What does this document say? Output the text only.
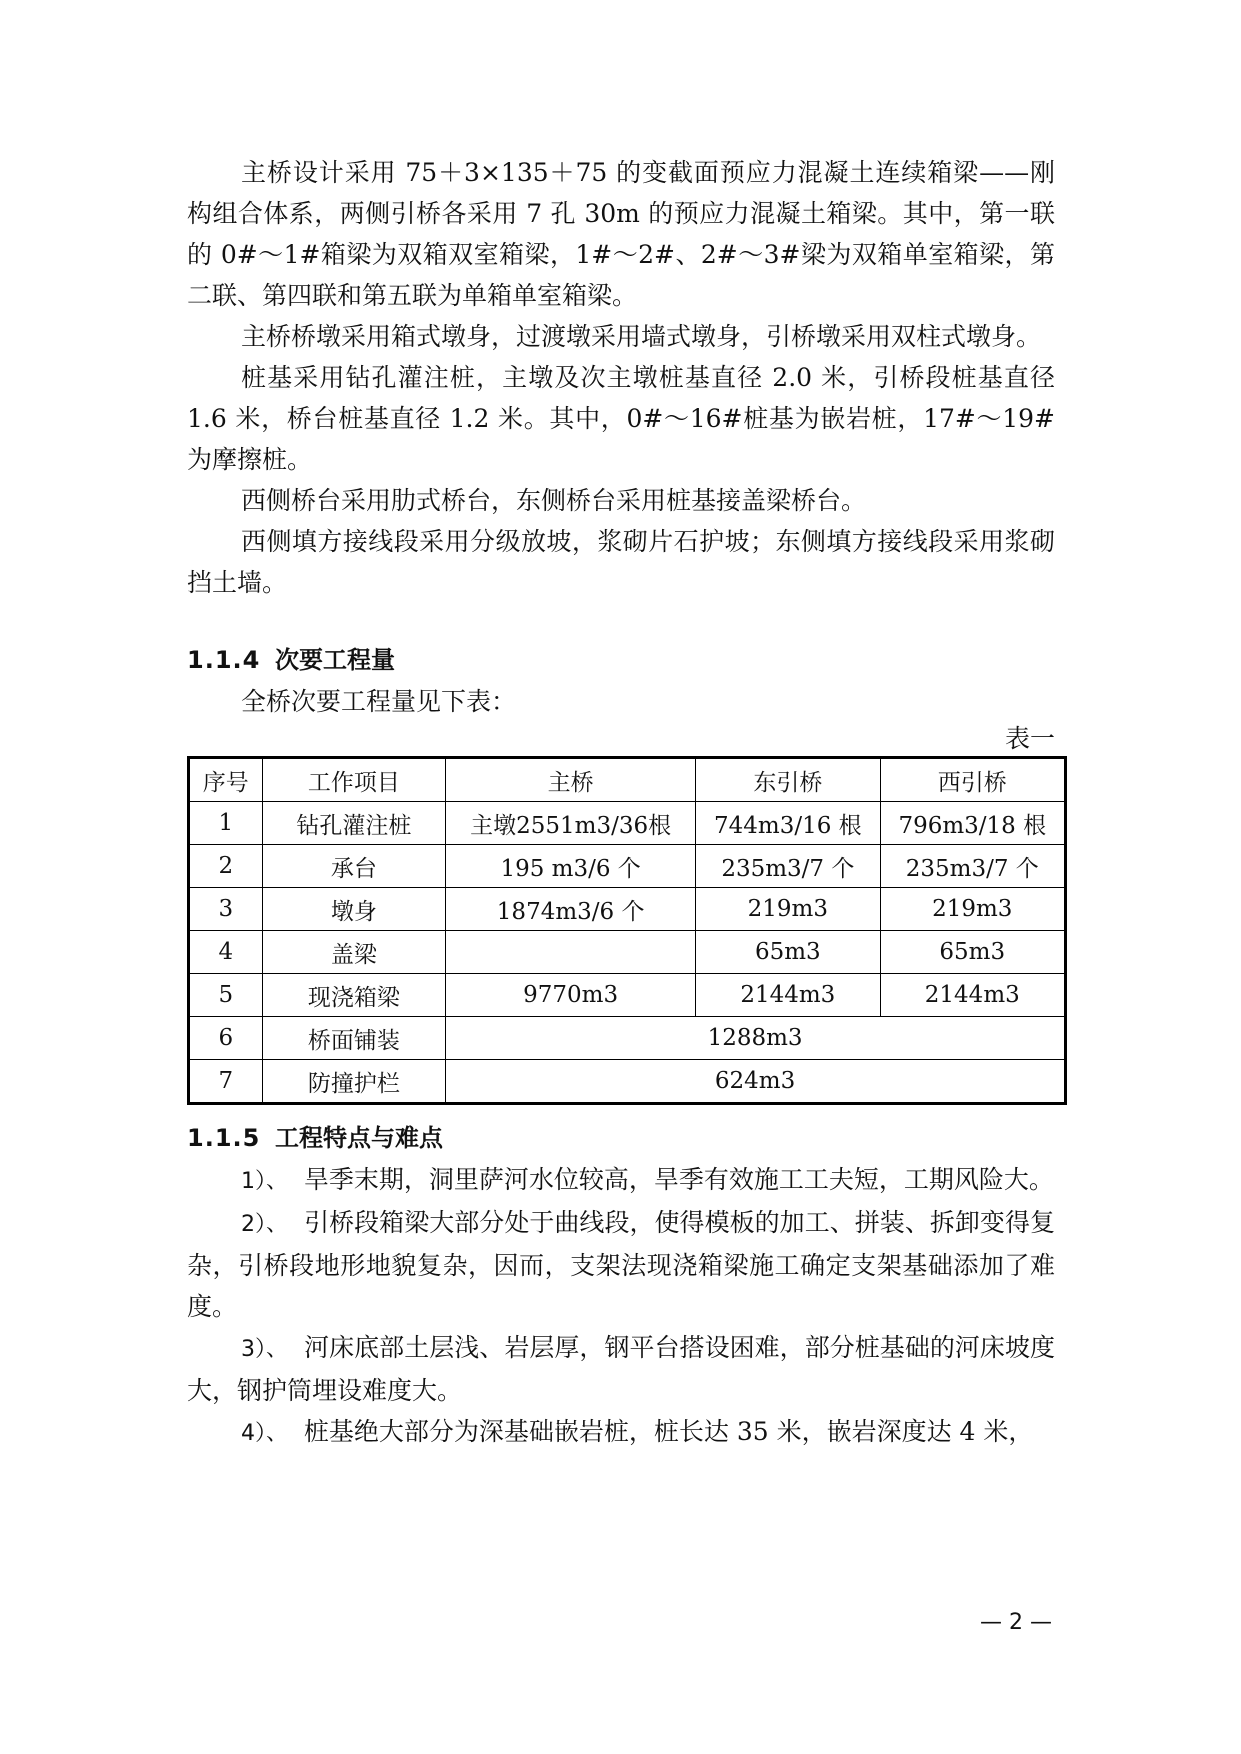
主桥设计采用 75＋3×135＋75 的变截面预应力混凝土连续箱梁——刚构组合体系，两侧引桥各采用 7 孔 30m 的预应力混凝土箱梁。其中，第一联的 0#～1#箱梁为双箱双室箱梁，1#～2#、2#～3#梁为双箱单室箱梁，第二联、第四联和第五联为单箱单室箱梁。

主桥桥墩采用箱式墩身，过渡墩采用墙式墩身，引桥墩采用双柱式墩身。

桩基采用钻孔灌注桩，主墩及次主墩桩基直径 2.0 米，引桥段桩基直径 1.6 米，桥台桩基直径 1.2 米。其中，0#～16#桩基为嵌岩桩，17#～19#为摩擦桩。

西侧桥台采用肋式桥台，东侧桥台采用桩基接盖梁桥台。

西侧填方接线段采用分级放坡，浆砌片石护坡；东侧填方接线段采用浆砌挡土墙。

1.1.4 次要工程量

全桥次要工程量见下表：

表一
序号	工作项目	主桥	东引桥	西引桥
1	钻孔灌注桩	主墩2551m3/36根	744m3/16 根	796m3/18 根
2	承台	195 m3/6 个	235m3/7 个	235m3/7 个
3	墩身	1874m3/6 个	219m3	219m3
4	盖梁		65m3	65m3
5	现浇箱梁	9770m3	2144m3	2144m3
6	桥面铺装	1288m3		
7	防撞护栏	624m3		
1.1.5 工程特点与难点

1）、 旱季末期，洞里萨河水位较高，旱季有效施工工夫短，工期风险大。

2）、 引桥段箱梁大部分处于曲线段，使得模板的加工、拼装、拆卸变得复杂，引桥段地形地貌复杂，因而，支架法现浇箱梁施工确定支架基础添加了难度。

3）、 河床底部土层浅、岩层厚，钢平台搭设困难，部分桩基础的河床坡度大，钢护筒埋设难度大。

4）、 桩基绝大部分为深基础嵌岩桩，桩长达 35 米，嵌岩深度达 4 米，

— 2 —
